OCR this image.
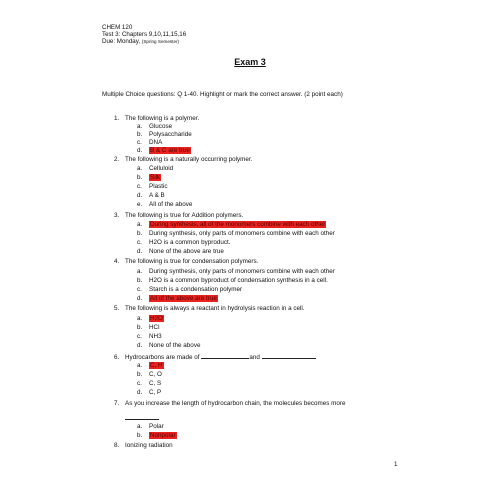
CHEM 120
Test 3: Chapters 9,10,11,15,16
Due: Monday, (Spring Semester)
Exam 3
Multiple Choice questions: Q 1-40. Highlight or mark the correct answer. (2 point each)
1. The following is a polymer.
a. Glucose
b. Polysaccharide
c. DNA
d. B & C are true
2. The following is a naturally occurring polymer.
a. Celluloid
b. Silk
c. Plastic
d. A & B
e. All of the above
3. The following is true for Addition polymers.
a. During synthesis, all of the monomers combine with each other
b. During synthesis, only parts of monomers combine with each other
c. H2O is a common byproduct.
d. None of the above are true
4. The following is true for condensation polymers.
a. During synthesis, only parts of monomers combine with each other
b. H2O is a common byproduct of condensation synthesis in a cell.
c. Starch is a condensation polymer
d. All of the above are true
5. The following is always a reactant in hydrolysis reaction in a cell.
a. H2O
b. HCl
c. NH3
d. None of the above
6. Hydrocarbons are made of	and
a. C, H
b. C, O
c. C, S
d. C, P
7. As you increase the length of hydrocarbon chain, the molecules becomes more
a. Polar
b. Nonpolar
8. Ionizing radiation
1
